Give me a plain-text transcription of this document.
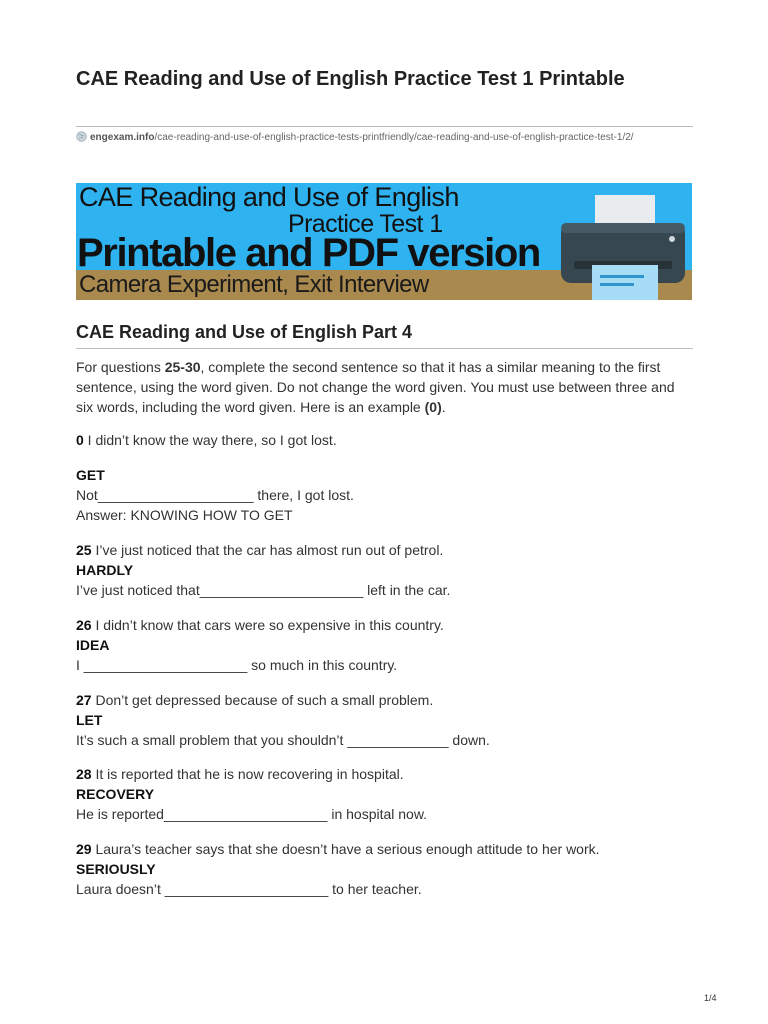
CAE Reading and Use of English Practice Test 1 Printable
engexam.info/cae-reading-and-use-of-english-practice-tests-printfriendly/cae-reading-and-use-of-english-practice-test-1/2/
CAE Reading and Use of English
Practice Test 1
Printable and PDF version
Camera Experiment, Exit Interview
CAE Reading and Use of English Part 4
For questions 25-30, complete the second sentence so that it has a similar meaning to the first sentence, using the word given. Do not change the word given. You must use between three and six words, including the word given. Here is an example (0).
0 I didn’t know the way there, so I got lost.
GET
Not____________________ there, I got lost.
Answer: KNOWING HOW TO GET
25 I’ve just noticed that the car has almost run out of petrol.
HARDLY
I’ve just noticed that_____________________ left in the car.
26 I didn’t know that cars were so expensive in this country.
IDEA
I _____________________ so much in this country.
27 Don’t get depressed because of such a small problem.
LET
It’s such a small problem that you shouldn’t _____________ down.
28 It is reported that he is now recovering in hospital.
RECOVERY
He is reported_____________________ in hospital now.
29 Laura’s teacher says that she doesn’t have a serious enough attitude to her work.
SERIOUSLY
Laura doesn’t _____________________ to her teacher.
1/4
